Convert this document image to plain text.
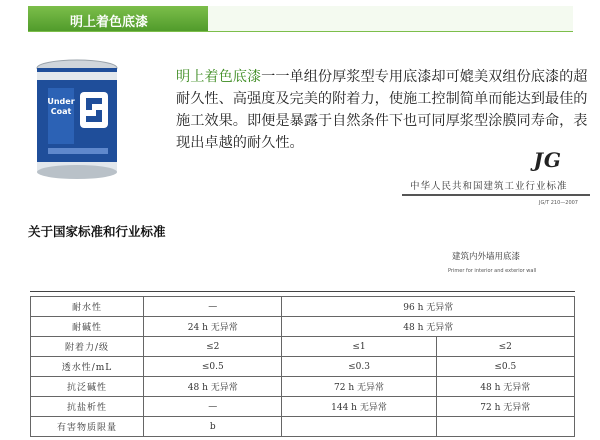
明上着色底漆
Under
Coat
明上着色底漆一一单组份厚浆型专用底漆却可媲美双组份底漆的超耐久性、高强度及完美的附着力，使施工控制简单而能达到最佳的施工效果。即便是暴露于自然条件下也可同厚浆型涂膜同寿命，表现出卓越的耐久性。
JG
中华人民共和国建筑工业行业标准
JG/T 210—2007
关于国家标准和行业标准
建筑内外墙用底漆
Primer for interior and exterior wall
耐水性	—	96 h 无异常	
耐碱性	24 h 无异常	48 h 无异常	
附着力/级	≤2	≤1	≤2
透水性/mL	≤0.5	≤0.3	≤0.5
抗泛碱性	48 h 无异常	72 h 无异常	48 h 无异常
抗盐析性	—	144 h 无异常	72 h 无异常
有害物质限量	b		
